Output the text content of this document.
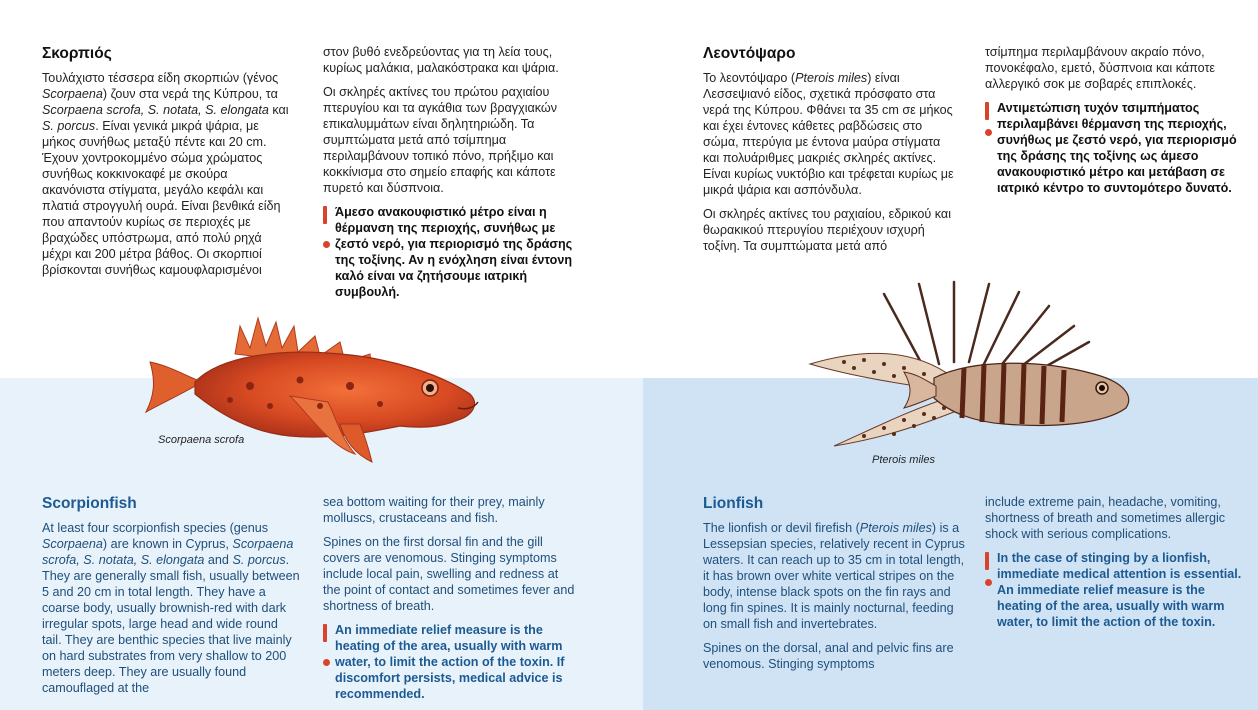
Σκορπιός

Τουλάχιστο τέσσερα είδη σκορπιών (γένος Scorpaena) ζουν στα νερά της Κύπρου, τα Scorpaena scrofa, S. notata, S. elongata και S. porcus. Είναι γενικά μικρά ψάρια, με μήκος συνήθως μεταξύ πέντε και 20 cm. Έχουν χοντροκομμένο σώμα χρώματος συνήθως κοκκινοκαφέ με σκούρα ακανόνιστα στίγματα, μεγάλο κεφάλι και πλατιά στρογγυλή ουρά. Είναι βενθικά είδη που απαντούν κυρίως σε περιοχές με βραχώδες υπόστρωμα, από πολύ ρηχά μέχρι και 200 μέτρα βάθος. Οι σκορπιοί βρίσκονται συνήθως καμουφλαρισμένοι

στον βυθό ενεδρεύοντας για τη λεία τους, κυρίως μαλάκια, μαλακόστρακα και ψάρια.

Οι σκληρές ακτίνες του πρώτου ραχιαίου πτερυγίου και τα αγκάθια των βραγχιακών επικαλυμμάτων είναι δηλητηριώδη. Τα συμπτώματα μετά από τσίμπημα περιλαμβάνουν τοπικό πόνο, πρήξιμο και κοκκίνισμα στο σημείο επαφής και κάποτε πυρετό και δύσπνοια.

Άμεσο ανακουφιστικό μέτρο είναι η θέρμανση της περιοχής, συνήθως με ζεστό νερό, για περιορισμό της δράσης της τοξίνης. Αν η ενόχληση είναι έντονη καλό είναι να ζητήσουμε ιατρική συμβουλή.
Λεοντόψαρο

Το λεοντόψαρο (Pterois miles) είναι Λεσσεψιανό είδος, σχετικά πρόσφατο στα νερά της Κύπρου. Φθάνει τα 35 cm σε μήκος και έχει έντονες κάθετες ραβδώσεις στο σώμα, πτερύγια με έντονα μαύρα στίγματα και πολυάριθμες μακριές σκληρές ακτίνες. Είναι κυρίως νυκτόβιο και τρέφεται κυρίως με μικρά ψάρια και ασπόνδυλα.

Οι σκληρές ακτίνες του ραχιαίου, εδρικού και θωρακικού πτερυγίου περιέχουν ισχυρή τοξίνη. Τα συμπτώματα μετά από

τσίμπημα περιλαμβάνουν ακραίο πόνο, πονοκέφαλο, εμετό, δύσπνοια και κάποτε αλλεργικό σοκ με σοβαρές επιπλοκές.

Αντιμετώπιση τυχόν τσιμπήματος περιλαμβάνει θέρμανση της περιοχής, συνήθως με ζεστό νερό, για περιορισμό της δράσης της τοξίνης ως άμεσο ανακουφιστικό μέτρο και μετάβαση σε ιατρικό κέντρο το συντομότερο δυνατό.
Scorpaena scrofa
Pterois miles
Scorpionfish

At least four scorpionfish species (genus Scorpaena) are known in Cyprus, Scorpaena scrofa, S. notata, S. elongata and S. porcus. They are generally small fish, usually between 5 and 20 cm in total length. They have a coarse body, usually brownish-red with dark irregular spots, large head and wide round tail. They are benthic species that live mainly on hard substrates from very shallow to 200 meters deep. They are usually found camouflaged at the

sea bottom waiting for their prey, mainly molluscs, crustaceans and fish.

Spines on the first dorsal fin and the gill covers are venomous. Stinging symptoms include local pain, swelling and redness at the point of contact and sometimes fever and shortness of breath.

An immediate relief measure is the heating of the area, usually with warm water, to limit the action of the toxin. If discomfort persists, medical advice is recommended.
Lionfish

The lionfish or devil firefish (Pterois miles) is a Lessepsian species, relatively recent in Cyprus waters. It can reach up to 35 cm in total length, it has brown over white vertical stripes on the body, intense black spots on the fin rays and long fin spines. It is mainly nocturnal, feeding on small fish and invertebrates.

Spines on the dorsal, anal and pelvic fins are venomous. Stinging symptoms

include extreme pain, headache, vomiting, shortness of breath and sometimes allergic shock with serious complications.

In the case of stinging by a lionfish, immediate medical attention is essential. An immediate relief measure is the heating of the area, usually with warm water, to limit the action of the toxin.
